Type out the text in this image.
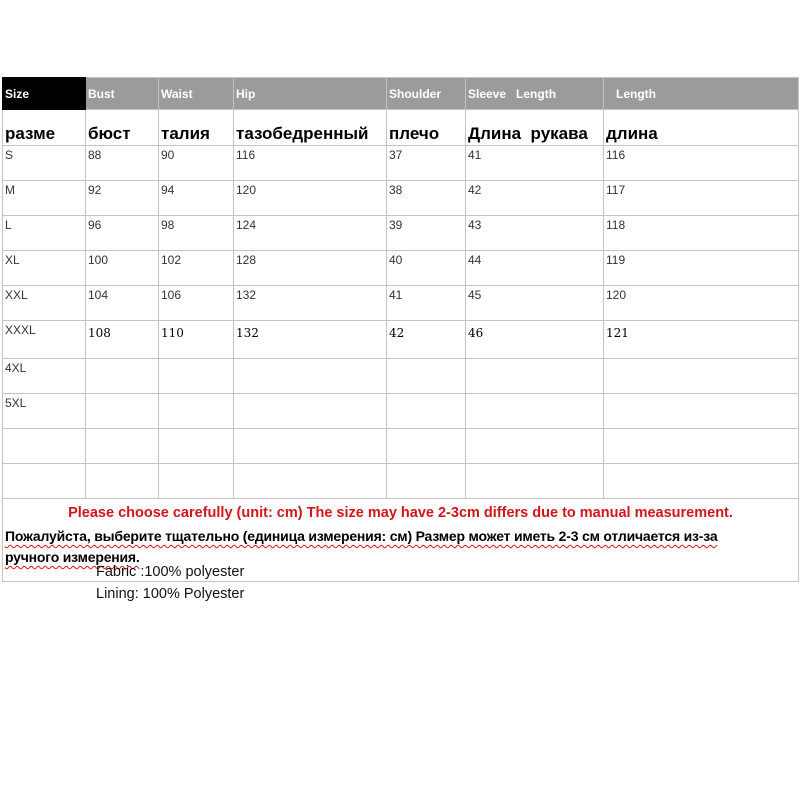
Size	Bust	Waist	Hip	Shoulder	Sleeve   Length	Length
разме	бюст	талия	тазобедренный	плечо	Длина  рукава	длина
S	88	90	116	37	41	116
M	92	94	120	38	42	117
L	96	98	124	39	43	118
XL	100	102	128	40	44	119
XXL	104	106	132	41	45	120
XXXL	108	110	132	42	46	121
4XL						
5XL						

Please choose carefully (unit: cm) The size may have 2-3cm differs due to manual measurement.
Пожалуйста, выберите тщательно (единица измерения: см) Размер может иметь 2-3 см отличается из-за
ручного измерения.						
Fabric :100% polyester
Lining: 100% Polyester
